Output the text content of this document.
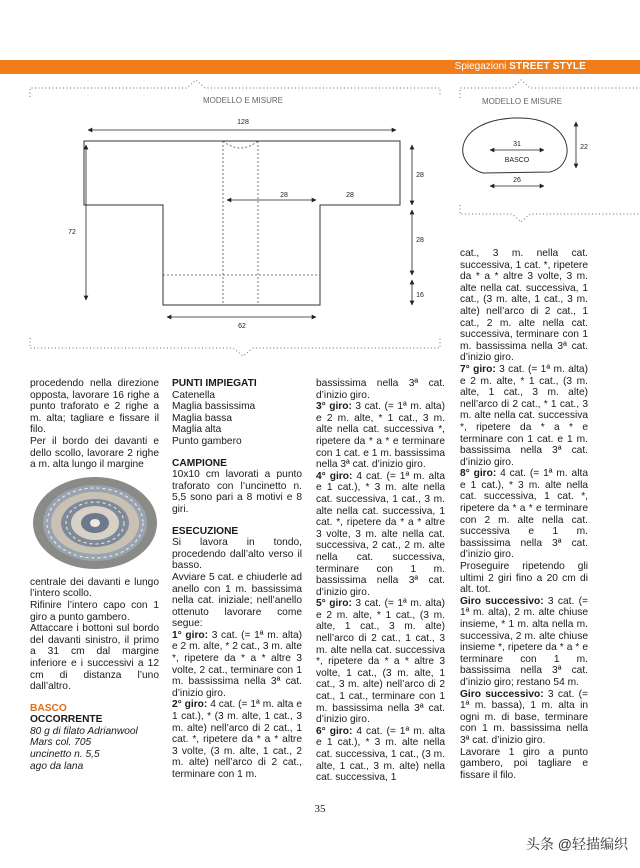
Spiegazioni STREET STYLE
MODELLO E MISURE
128
28	28
72
28
28
16
62
MODELLO E MISURE
31
BASCO
26
22

cat., 3 m. nella cat. successiva, 1 cat. *, ripetere da * a * altre 3 volte, 3 m. alte nella cat. successiva, 1 cat., (3 m. alte, 1 cat., 3 m. alte) nell’arco di 2 cat., 1 cat., 2 m. alte nella cat. successiva, terminare con 1 m. bassissima nella 3ª cat. d’inizio giro.

7° giro: 3 cat. (= 1ª m. alta) e 2 m. alte, * 1 cat., (3 m. alte, 1 cat., 3 m. alte) nell’arco di 2 cat., * 1 cat., 3 m. alte nella cat. successiva *, ripetere da * a * e terminare con 1 cat. e 1 m. bassissima nella 3ª cat. d’inizio giro.

8° giro: 4 cat. (= 1ª m. alta e 1 cat.), * 3 m. alte nella cat. successiva, 1 cat. *, ripetere da * a * e terminare con 2 m. alte nella cat. successiva e 1 m. bassissima nella 3ª cat. d’inizio giro.

Proseguire ripetendo gli ultimi 2 giri fino a 20 cm di alt. tot.

Giro successivo: 3 cat. (= 1ª m. alta), 2 m. alte chiuse insieme, * 1 m. alta nella m. successiva, 2 m. alte chiuse insieme *, ripetere da * a * e terminare con 1 m. bassissima nella 3ª cat. d’inizio giro; restano 54 m.

Giro successivo: 3 cat. (= 1ª m. bassa), 1 m. alta in ogni m. di base, terminare con 1 m. bassissima nella 3ª cat. d’inizio giro.

Lavorare 1 giro a punto gambero, poi tagliare e fissare il filo.

procedendo nella direzione opposta, lavorare 16 righe a punto traforato e 2 righe a m. alta; tagliare e fissare il filo.

Per il bordo dei davanti e dello scollo, lavorare 2 righe a m. alta lungo il margine

centrale dei davanti e lungo l’intero scollo.

Rifinire l’intero capo con 1 giro a punto gambero.

Attaccare i bottoni sul bordo del davanti sinistro, il primo a 31 cm dal margine inferiore e i successivi a 12 cm di distanza l’uno dall’altro.

BASCO

OCCORRENTE

80 g di filato Adrianwool

Mars col. 705

uncinetto n. 5,5

ago da lana

PUNTI IMPIEGATI

Catenella

Maglia bassissima

Maglia bassa

Maglia alta

Punto gambero

CAMPIONE

10x10 cm lavorati a punto traforato con l’uncinetto n. 5,5 sono pari a 8 motivi e 8 giri.

ESECUZIONE

Si lavora in tondo, procedendo dall’alto verso il basso.

Avviare 5 cat. e chiuderle ad anello con 1 m. bassissima nella cat. iniziale; nell’anello ottenuto lavorare come segue:

1° giro: 3 cat. (= 1ª m. alta) e 2 m. alte, * 2 cat., 3 m. alte *, ripetere da * a * altre 3 volte, 2 cat., terminare con 1 m. bassissima nella 3ª cat. d’inizio giro.

2° giro: 4 cat. (= 1ª m. alta e 1 cat.), * (3 m. alte, 1 cat., 3 m. alte) nell’arco di 2 cat., 1 cat. *, ripetere da * a * altre 3 volte, (3 m. alte, 1 cat., 2 m. alte) nell’arco di 2 cat., terminare con 1 m.

bassissima nella 3ª cat. d’inizio giro.

3° giro: 3 cat. (= 1ª m. alta) e 2 m. alte, * 1 cat., 3 m. alte nella cat. successiva *, ripetere da * a * e terminare con 1 cat. e 1 m. bassissima nella 3ª cat. d’inizio giro.

4° giro: 4 cat. (= 1ª m. alta e 1 cat.), * 3 m. alte nella cat. successiva, 1 cat., 3 m. alte nella cat. successiva, 1 cat. *, ripetere da * a * altre 3 volte, 3 m. alte nella cat. successiva, 2 cat., 2 m. alte nella cat. successiva, terminare con 1 m. bassissima nella 3ª cat. d’inizio giro.

5° giro: 3 cat. (= 1ª m. alta) e 2 m. alte, * 1 cat., (3 m. alte, 1 cat., 3 m. alte) nell’arco di 2 cat., 1 cat., 3 m. alte nella cat. successiva *, ripetere da * a * altre 3 volte, 1 cat., (3 m. alte, 1 cat., 3 m. alte) nell’arco di 2 cat., 1 cat., terminare con 1 m. bassissima nella 3ª cat. d’inizio giro.

6° giro: 4 cat. (= 1ª m. alta e 1 cat.), * 3 m. alte nella cat. successiva, 1 cat., (3 m. alte, 1 cat., 3 m. alte) nella cat. successiva, 1

35
头条 @轻描编织
